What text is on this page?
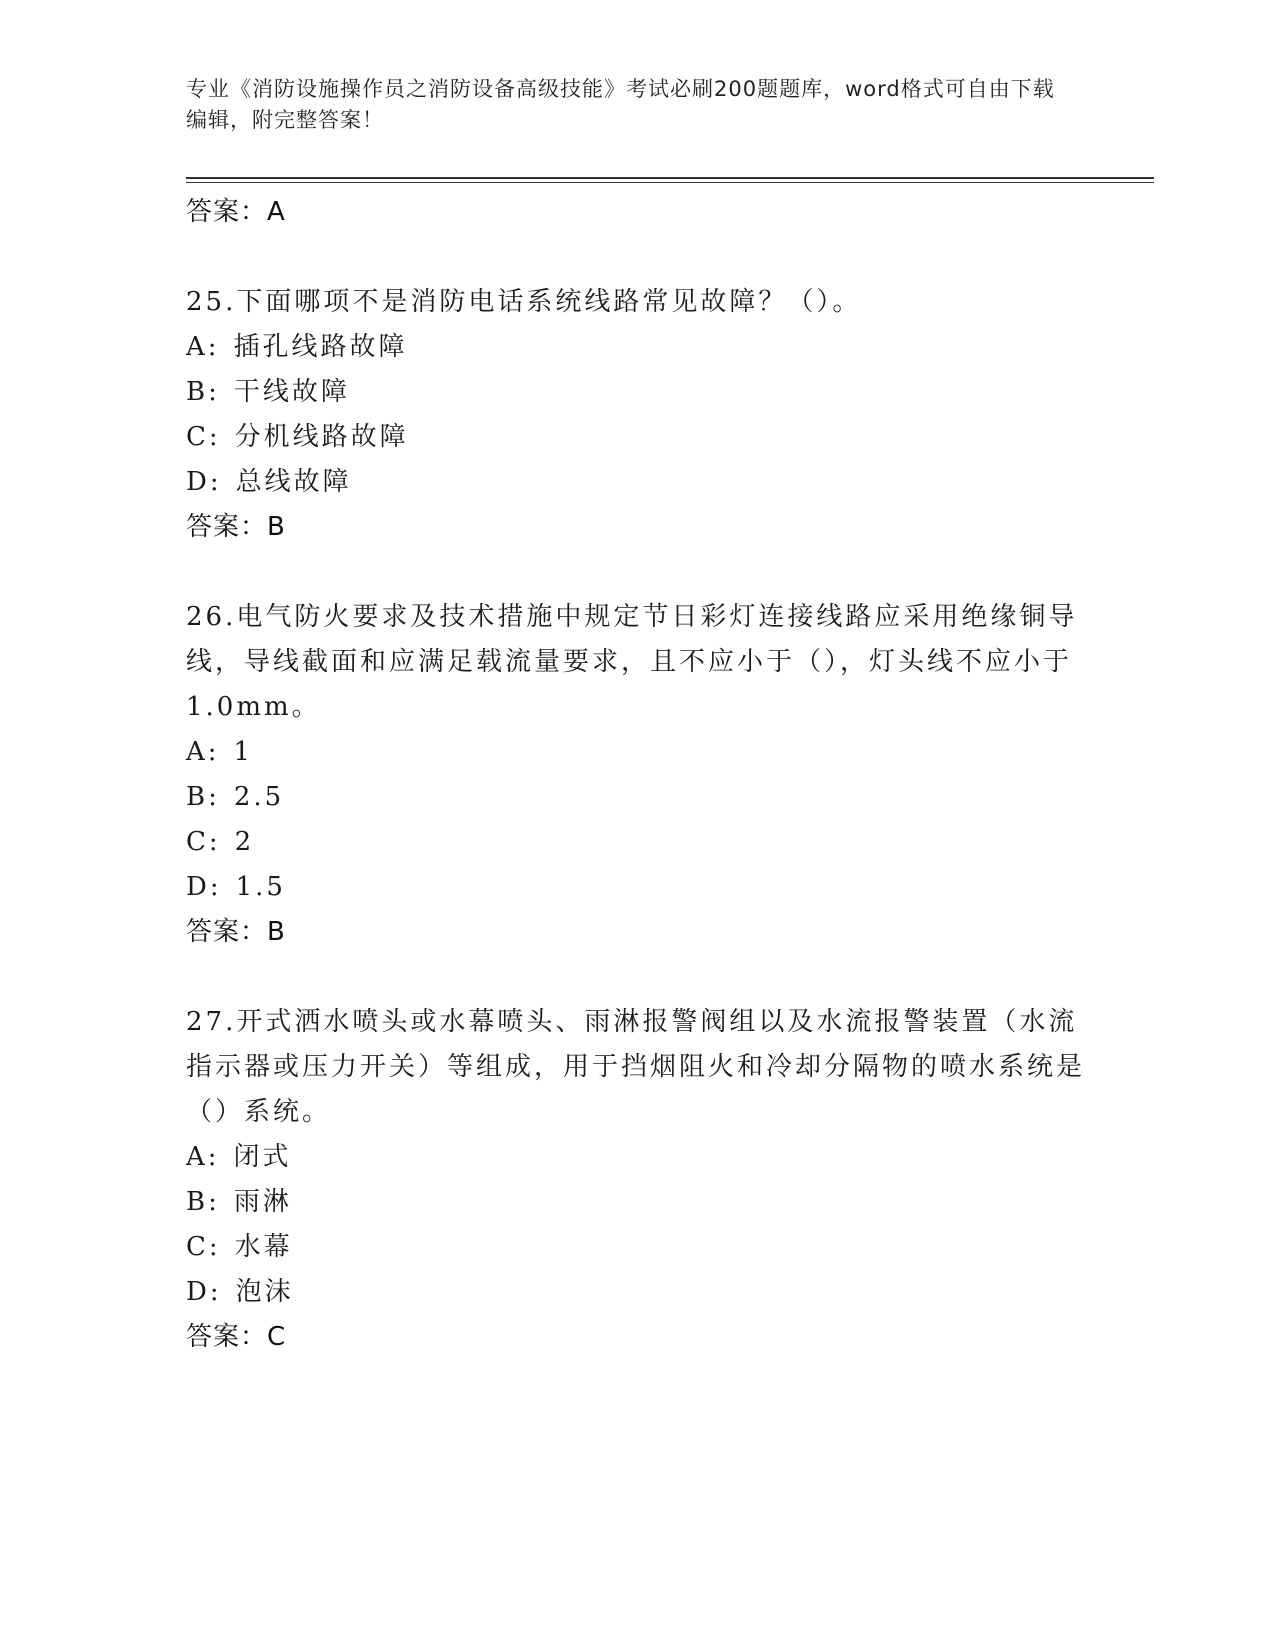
专业《消防设施操作员之消防设备高级技能》考试必刷200题题库，word格式可自由下载编辑，附完整答案！
答案：A
25.下面哪项不是消防电话系统线路常见故障？（）。
A: 插孔线路故障
B: 干线故障
C: 分机线路故障
D: 总线故障
答案：B
26.电气防火要求及技术措施中规定节日彩灯连接线路应采用绝缘铜导线，导线截面和应满足载流量要求，且不应小于（），灯头线不应小于1.0mm。
A: 1
B: 2.5
C: 2
D: 1.5
答案：B
27.开式洒水喷头或水幕喷头、雨淋报警阀组以及水流报警装置（水流指示器或压力开关）等组成，用于挡烟阻火和冷却分隔物的喷水系统是（）系统。
A: 闭式
B: 雨淋
C: 水幕
D: 泡沫
答案：C
